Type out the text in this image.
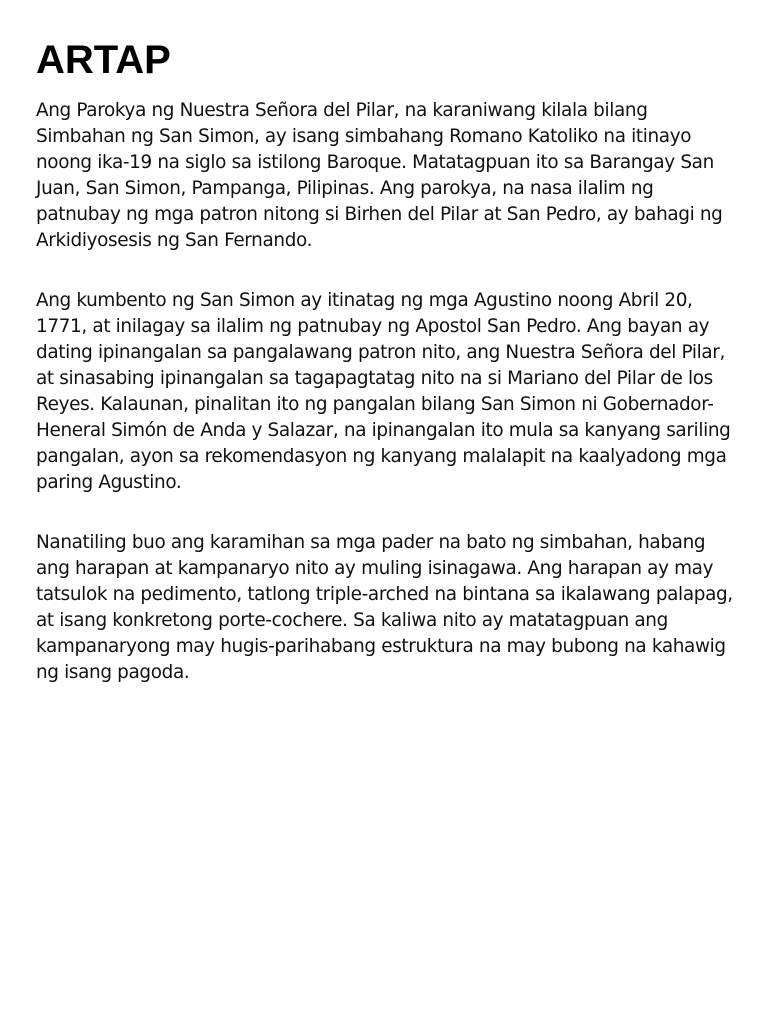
ARTAP

Ang Parokya ng Nuestra Señora del Pilar, na karaniwang kilala bilang Simbahan ng San Simon, ay isang simbahang Romano Katoliko na itinayo noong ika-19 na siglo sa istilong Baroque. Matatagpuan ito sa Barangay San Juan, San Simon, Pampanga, Pilipinas. Ang parokya, na nasa ilalim ng patnubay ng mga patron nitong si Birhen del Pilar at San Pedro, ay bahagi ng Arkidiyosesis ng San Fernando.

Ang kumbento ng San Simon ay itinatag ng mga Agustino noong Abril 20, 1771, at inilagay sa ilalim ng patnubay ng Apostol San Pedro. Ang bayan ay dating ipinangalan sa pangalawang patron nito, ang Nuestra Señora del Pilar, at sinasabing ipinangalan sa tagapagtatag nito na si Mariano del Pilar de los Reyes. Kalaunan, pinalitan ito ng pangalan bilang San Simon ni Gobernador-Heneral Simón de Anda y Salazar, na ipinangalan ito mula sa kanyang sariling pangalan, ayon sa rekomendasyon ng kanyang malalapit na kaalyadong mga paring Agustino.

Nanatiling buo ang karamihan sa mga pader na bato ng simbahan, habang ang harapan at kampanaryo nito ay muling isinagawa. Ang harapan ay may tatsulok na pedimento, tatlong triple-arched na bintana sa ikalawang palapag, at isang konkretong porte-cochere. Sa kaliwa nito ay matatagpuan ang kampanaryong may hugis-parihabang estruktura na may bubong na kahawig ng isang pagoda.
